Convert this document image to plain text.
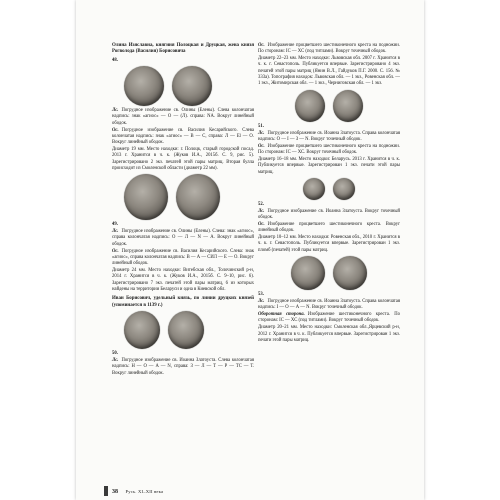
Олина Изяславна, княгиня Полоцкая и Друцкая, жена князя Рогволода (Василия) Борисовича

48.

Лс. Погрудное изображение св. Олины (Елены). Слева колончатая надпись: знак «агиос» — О — (Л). справа: NA. Вокруг линейный ободок.

Ос. Погрудное изображение св. Василия Кесарийского. Слева колончатая надпись: знак «агиос» — В — С, справа: Л — El — О. Вокруг линейный ободок.

Диаметр 19 мм. Место находки: г. Полоцк, старый городской посад. 2013 г. Хранится в ч. к. (Жуков И.А., 2015б. С. 9, рис. 5). Зарегистрировано 2 экз. печатей этой пары матриц. Вторая булла происходит из Смоленской области (диаметр 22 мм).

49.

Лс. Погрудное изображение св. Олины (Елены). Слева: знак «агиос», справа колончатая надпись: О — Л — N — А. Вокруг линейный ободок.

Ос. Погрудное изображение св. Василия Кесарийского. Слева: знак «агиос», справа колончатая надпись: В — А — СИЛ — Е — О. Вокруг линейный ободок.

Диаметр 24 мм. Место находки: Витебская обл., Толочинский р-н, 2014 г. Хранится в ч. к. (Жуков И.А., 2015б. С. 9–10, рис. 6). Зарегистрировано 7 экз. печатей этой пары матриц, 6 из которых найдены на территории Беларуси и одна в Киевской обл.

Иван Борисович, удельный князь, по линии друцких князей (упоминается в 1139 г.)

50.

Лс. Погрудное изображение св. Иоанна Златоуста. Слева колончатая надпись: Н — О — А — N, справа: З — Л — Т — Р — ТС — Т. Вокруг линейный ободок.

Ос. Изображение процветшего шестиконечного креста на подножии. По сторонам: IC — XC (под титлами). Вокруг точечный ободок.

Диаметр 22–23 мм. Место находки: Львовская обл. 2007 г. Хранится в ч. к. г. Севастополь. Публикуется впервые. Зарегистрировано 4 экз. печатей этой пары матриц (Янин В.Л., Гайдуков П.Г. 2000. С. 156. № 333а). Топография находок: Львовская обл. — 1 экз., Ровенская обл. — 1 экз., Житомирская обл. — 1 экз., Черниговская обл. — 1 экз.

51.

Лс. Погрудное изображение св. Иоанна Златоуста. Справа колончатая надпись: О — I — З — N. Вокруг точечный ободок.

Ос. Изображение процветшего шестиконечного креста на подножии. По сторонам: IC — ХС. Вокруг точечный ободок.

Диаметр 16–18 мм. Место находки: Беларусь. 2013 г. Хранится в ч. к. Публикуется впервые. Зарегистрирован 1 экз. печати этой пары матриц.

52.

Лс. Погрудное изображение св. Иоанна Златоуста. Вокруг точечный ободок.

Ос. Изображение процветшего шестиконечного креста. Вокруг линейный ободок.

Диаметр 10–12 мм. Место находки: Ровенская обл., 2010 г. Хранится в ч. к. г. Севастополь. Публикуется впервые. Зарегистрирован 1 экз. пломб (печатей) этой пары матриц.

53.

Лс. Погрудное изображение св. Иоанна Златоуста. Справа колончатая надпись: I — О — А — N. Вокруг точечный ободок.

Оборотная сторона. Изображение шестиконечного креста. По сторонам: IC — XC (под титлами). Вокруг точечный ободок.

Диаметр 20–21 мм. Место находки: Смоленская обл.,Ярцевский р-н, 2012 г. Хранится в ч. к. Публикуется впервые. Зарегистрирован 1 экз. печати этой пары матриц.

38 Русь. XI–XII века
